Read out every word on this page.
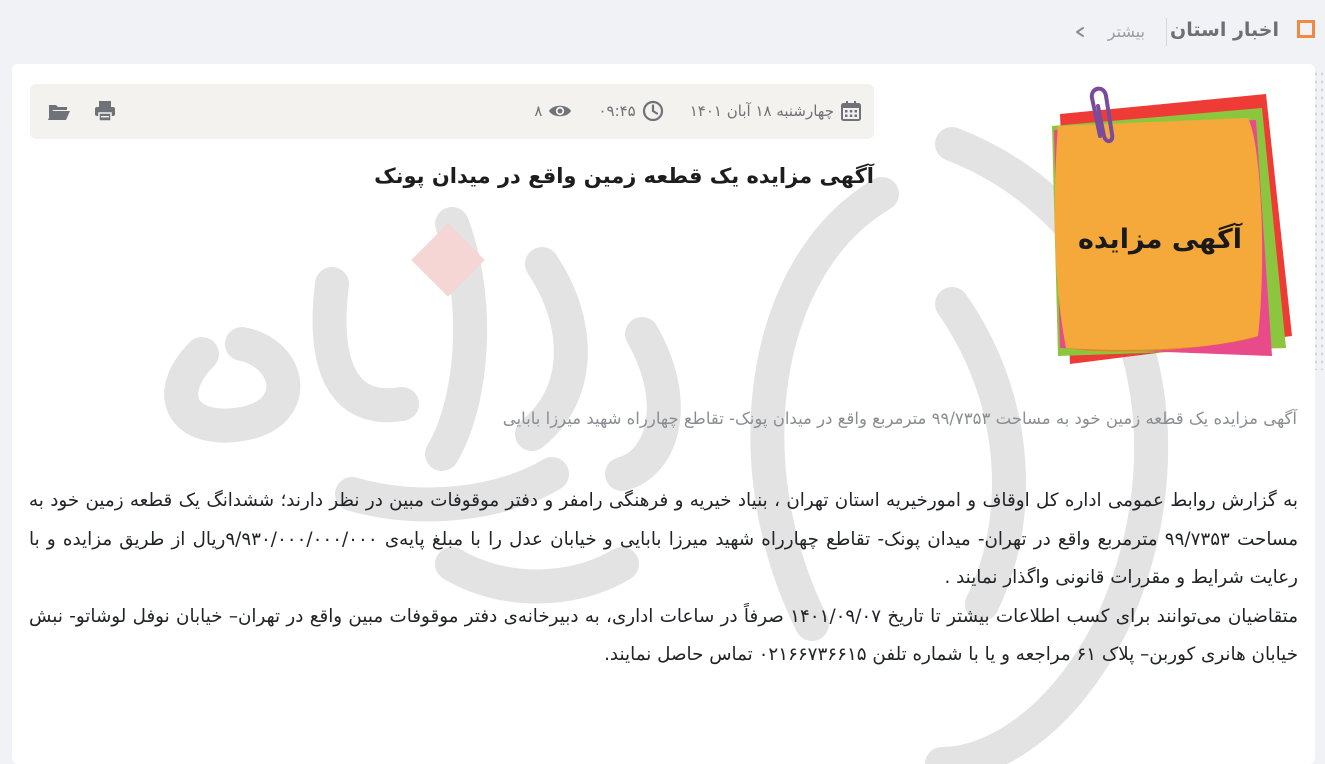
اخبار استان
بیشتر
چهارشنبه ۱۸ آبان ۱۴۰۱
۰۹:۴۵
۸
آگهی مزایده یک قطعه زمین واقع در میدان پونک
آگهی مزایده
آگهی مزایده یک قطعه زمین خود به مساحت ۹۹/۷۳۵۳ مترمربع واقع در میدان پونک- تقاطع چهارراه شهید میرزا بابایی

به گزارش روابط عمومی اداره کل اوقاف و امورخیریه استان تهران ، بنیاد خیریه و فرهنگی رامفر و دفتر موقوفات مبین در نظر دارند؛ ششدانگ یک قطعه زمین خود به مساحت ۹۹/۷۳۵۳ مترمربع واقع در تهران- میدان پونک- تقاطع چهارراه شهید میرزا بابایی و خیابان عدل را با مبلغ پایه‌ی ۹/۹۳۰/۰۰۰/۰۰۰/۰۰۰ریال از طریق مزایده و با رعایت شرایط و مقررات قانونی واگذار نمایند .

متقاضیان می‌توانند برای کسب اطلاعات بیشتر تا تاریخ ۱۴۰۱/۰۹/۰۷ صرفاً در ساعات اداری، به دبیرخانه‌ی دفتر موقوفات مبین واقع در تهران– خیابان نوفل لوشاتو- نبش خیابان هانری کوربن– پلاک ۶۱ مراجعه و یا با شماره تلفن ۰۲۱۶۶۷۳۶۶۱۵ تماس حاصل نمایند.
